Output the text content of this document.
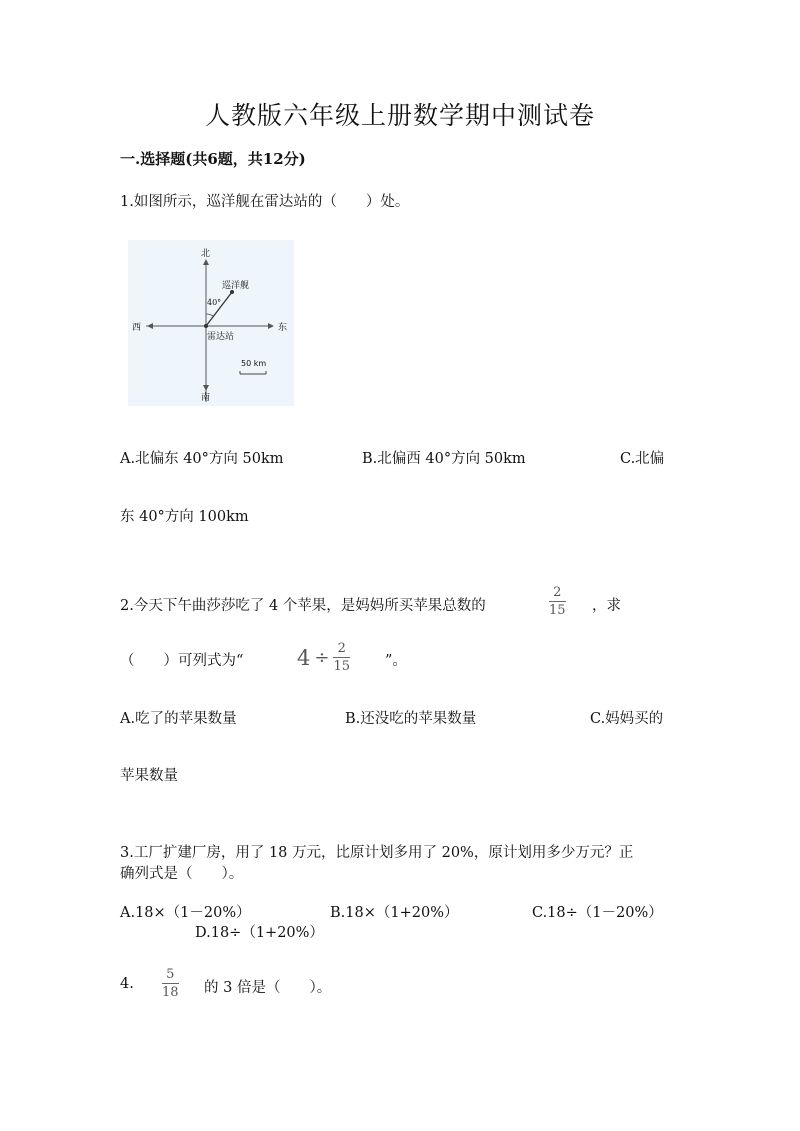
人教版六年级上册数学期中测试卷
一.选择题(共6题，共12分)
1.如图所示，巡洋舰在雷达站的（　　）处。
北
南
西	东
巡洋舰
40°
雷达站
50 km
A.北偏东 40°方向 50km	B.北偏西 40°方向 50km	C.北偏
东 40°方向 100km
2.今天下午曲莎莎吃了 4 个苹果，是妈妈所买苹果总数的
2
15 ，求
（　　）可列式为“	$4 \div \frac{2}{15}$ ”。
A.吃了的苹果数量	B.还没吃的苹果数量	C.妈妈买的
苹果数量
3.工厂扩建厂房，用了 18 万元，比原计划多用了 20%，原计划用多少万元？正
确列式是（　　）。
A.18×（1－20%）	B.18×（1+20%）	C.18÷（1－20%）
D.18÷（1+20%）
4.
5
18 的 3 倍是（　　）。
